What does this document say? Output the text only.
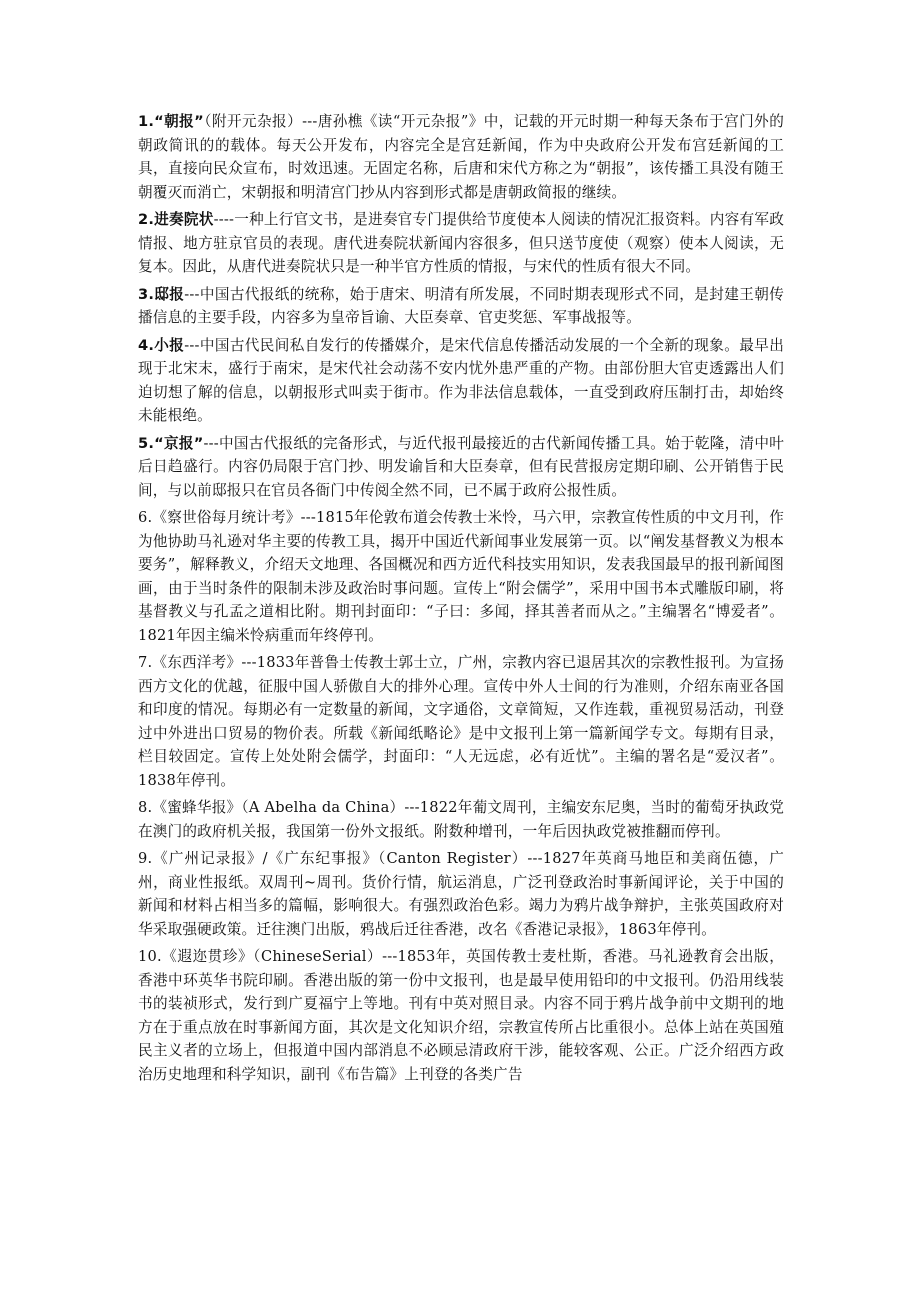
1.“朝报”（附开元杂报）---唐孙樵《读“开元杂报”》中，记载的开元时期一种每天条布于宫门外的朝政简讯的的载体。每天公开发布，内容完全是宫廷新闻，作为中央政府公开发布宫廷新闻的工具，直接向民众宣布，时效迅速。无固定名称，后唐和宋代方称之为“朝报”，该传播工具没有随王朝覆灭而消亡，宋朝报和明清宫门抄从内容到形式都是唐朝政简报的继续。

2.进奏院状----一种上行官文书，是进奏官专门提供给节度使本人阅读的情况汇报资料。内容有军政情报、地方驻京官员的表现。唐代进奏院状新闻内容很多，但只送节度使（观察）使本人阅读，无复本。因此，从唐代进奏院状只是一种半官方性质的情报，与宋代的性质有很大不同。

3.邸报---中国古代报纸的统称，始于唐宋、明清有所发展，不同时期表现形式不同，是封建王朝传播信息的主要手段，内容多为皇帝旨谕、大臣奏章、官吏奖惩、军事战报等。

4.小报---中国古代民间私自发行的传播媒介，是宋代信息传播活动发展的一个全新的现象。最早出现于北宋末，盛行于南宋，是宋代社会动荡不安内忧外患严重的产物。由部份胆大官吏透露出人们迫切想了解的信息，以朝报形式叫卖于街市。作为非法信息载体，一直受到政府压制打击，却始终未能根绝。

5.“京报”---中国古代报纸的完备形式，与近代报刊最接近的古代新闻传播工具。始于乾隆，清中叶后日趋盛行。内容仍局限于宫门抄、明发谕旨和大臣奏章，但有民营报房定期印刷、公开销售于民间，与以前邸报只在官员各衙门中传阅全然不同，已不属于政府公报性质。

6.《察世俗每月统计考》---1815年伦敦布道会传教士米怜，马六甲，宗教宣传性质的中文月刊，作为他协助马礼逊对华主要的传教工具，揭开中国近代新闻事业发展第一页。以“阐发基督教义为根本要务”，解释教义，介绍天文地理、各国概况和西方近代科技实用知识，发表我国最早的报刊新闻图画，由于当时条件的限制未涉及政治时事问题。宣传上“附会儒学”，采用中国书本式雕版印刷，将基督教义与孔孟之道相比附。期刊封面印：“子曰：多闻，择其善者而从之。”主编署名“博爱者”。1821年因主编米怜病重而年终停刊。

7.《东西洋考》---1833年普鲁士传教士郭士立，广州，宗教内容已退居其次的宗教性报刊。为宣扬西方文化的优越，征服中国人骄傲自大的排外心理。宣传中外人士间的行为准则，介绍东南亚各国和印度的情况。每期必有一定数量的新闻，文字通俗，文章简短，又作连载，重视贸易活动，刊登过中外进出口贸易的物价表。所载《新闻纸略论》是中文报刊上第一篇新闻学专文。每期有目录，栏目较固定。宣传上处处附会儒学，封面印：“人无远虑，必有近忧”。主编的署名是“爱汉者”。1838年停刊。

8.《蜜蜂华报》（A Abelha da China）---1822年葡文周刊，主编安东尼奥，当时的葡萄牙执政党在澳门的政府机关报，我国第一份外文报纸。附数种增刊，一年后因执政党被推翻而停刊。

9.《广州记录报》/《广东纪事报》（Canton Register）---1827年英商马地臣和美商伍德，广州，商业性报纸。双周刊~周刊。货价行情，航运消息，广泛刊登政治时事新闻评论，关于中国的新闻和材料占相当多的篇幅，影响很大。有强烈政治色彩。竭力为鸦片战争辩护，主张英国政府对华采取强硬政策。迁往澳门出版，鸦战后迁往香港，改名《香港记录报》，1863年停刊。

10.《遐迩贯珍》（ChineseSerial）---1853年，英国传教士麦杜斯，香港。马礼逊教育会出版，香港中环英华书院印刷。香港出版的第一份中文报刊，也是最早使用铅印的中文报刊。仍沿用线装书的装祯形式，发行到广夏福宁上等地。刊有中英对照目录。内容不同于鸦片战争前中文期刊的地方在于重点放在时事新闻方面，其次是文化知识介绍，宗教宣传所占比重很小。总体上站在英国殖民主义者的立场上，但报道中国内部消息不必顾忌清政府干涉，能较客观、公正。广泛介绍西方政治历史地理和科学知识，副刊《布告篇》上刊登的各类广告
